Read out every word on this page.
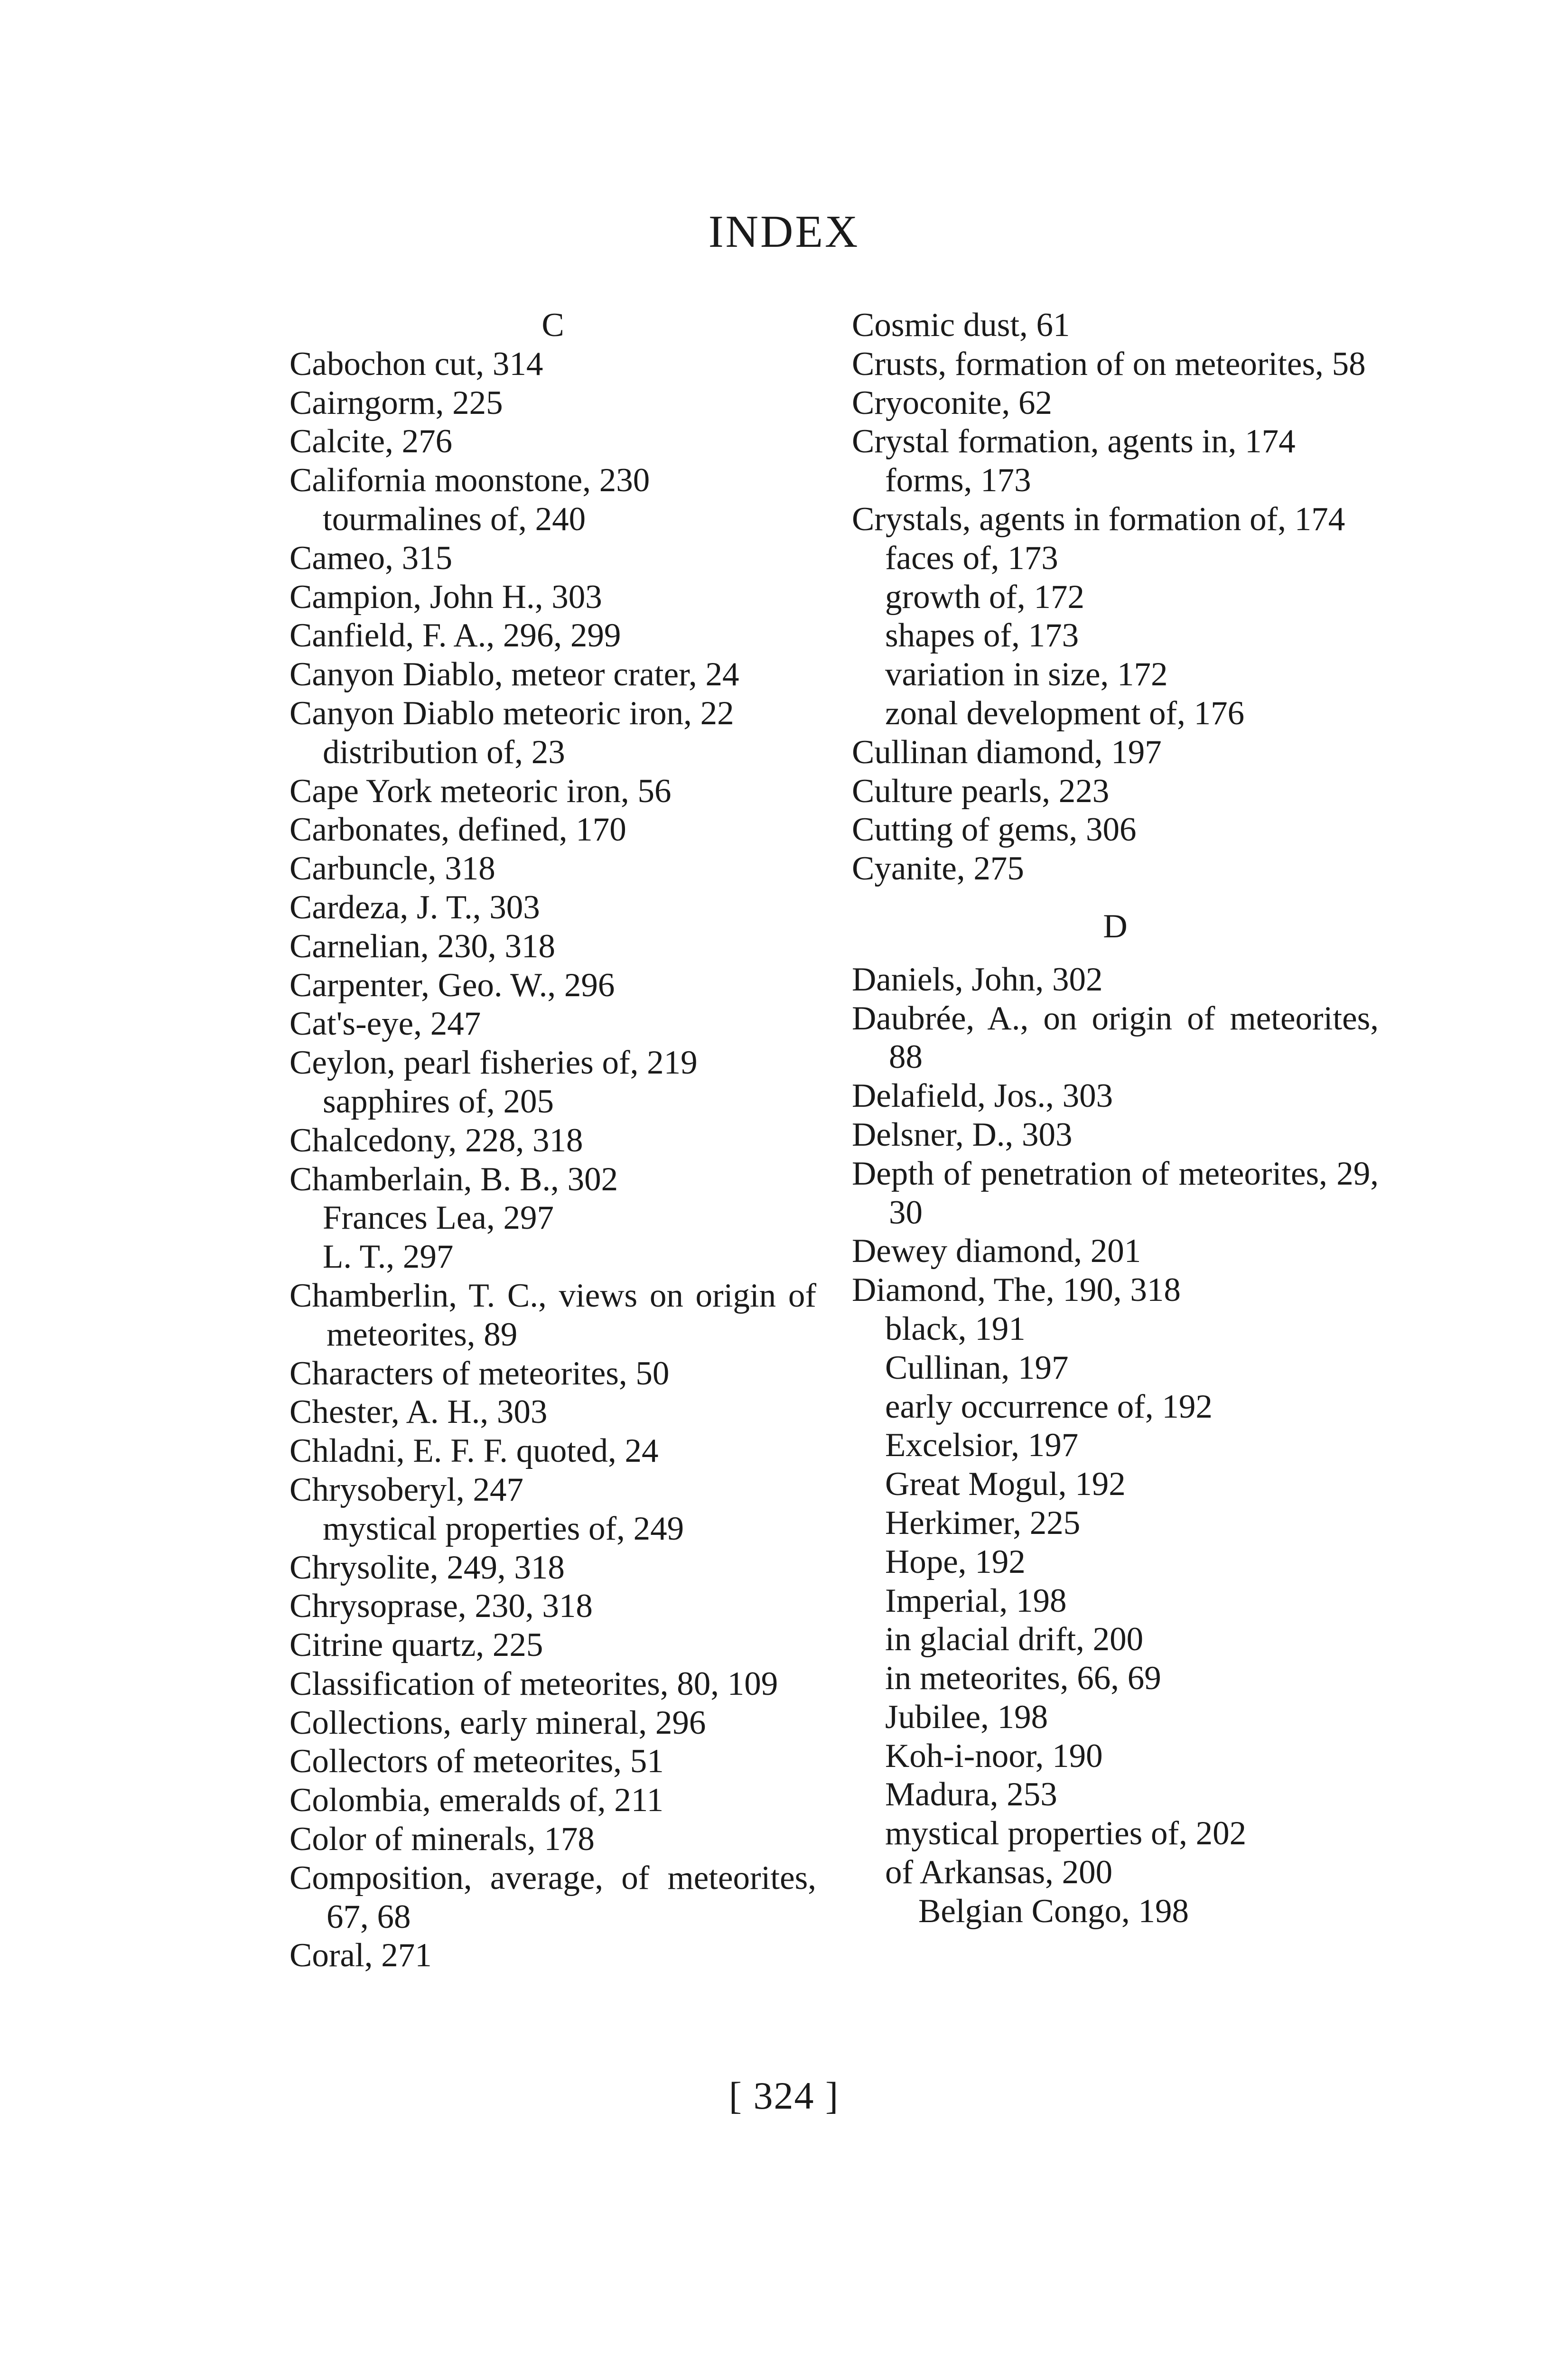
INDEX
C
Cabochon cut, 314
Cairngorm, 225
Calcite, 276
California moonstone, 230
tourmalines of, 240
Cameo, 315
Campion, John H., 303
Canfield, F. A., 296, 299
Canyon Diablo, meteor crater, 24
Canyon Diablo meteoric iron, 22
distribution of, 23
Cape York meteoric iron, 56
Carbonates, defined, 170
Carbuncle, 318
Cardeza, J. T., 303
Carnelian, 230, 318
Carpenter, Geo. W., 296
Cat's-eye, 247
Ceylon, pearl fisheries of, 219
sapphires of, 205
Chalcedony, 228, 318
Chamberlain, B. B., 302
Frances Lea, 297
L. T., 297
Chamberlin, T. C., views on origin of meteorites, 89
Characters of meteorites, 50
Chester, A. H., 303
Chladni, E. F. F. quoted, 24
Chrysoberyl, 247
mystical properties of, 249
Chrysolite, 249, 318
Chrysoprase, 230, 318
Citrine quartz, 225
Classification of meteorites, 80, 109
Collections, early mineral, 296
Collectors of meteorites, 51
Colombia, emeralds of, 211
Color of minerals, 178
Composition, average, of meteorites, 67, 68
Coral, 271
Cosmic dust, 61
Crusts, formation of on meteorites, 58
Cryoconite, 62
Crystal formation, agents in, 174
forms, 173
Crystals, agents in formation of, 174
faces of, 173
growth of, 172
shapes of, 173
variation in size, 172
zonal development of, 176
Cullinan diamond, 197
Culture pearls, 223
Cutting of gems, 306
Cyanite, 275
D
Daniels, John, 302
Daubrée, A., on origin of meteorites, 88
Delafield, Jos., 303
Delsner, D., 303
Depth of penetration of meteorites, 29, 30
Dewey diamond, 201
Diamond, The, 190, 318
black, 191
Cullinan, 197
early occurrence of, 192
Excelsior, 197
Great Mogul, 192
Herkimer, 225
Hope, 192
Imperial, 198
in glacial drift, 200
in meteorites, 66, 69
Jubilee, 198
Koh-i-noor, 190
Madura, 253
mystical properties of, 202
of Arkansas, 200
Belgian Congo, 198
[ 324 ]
